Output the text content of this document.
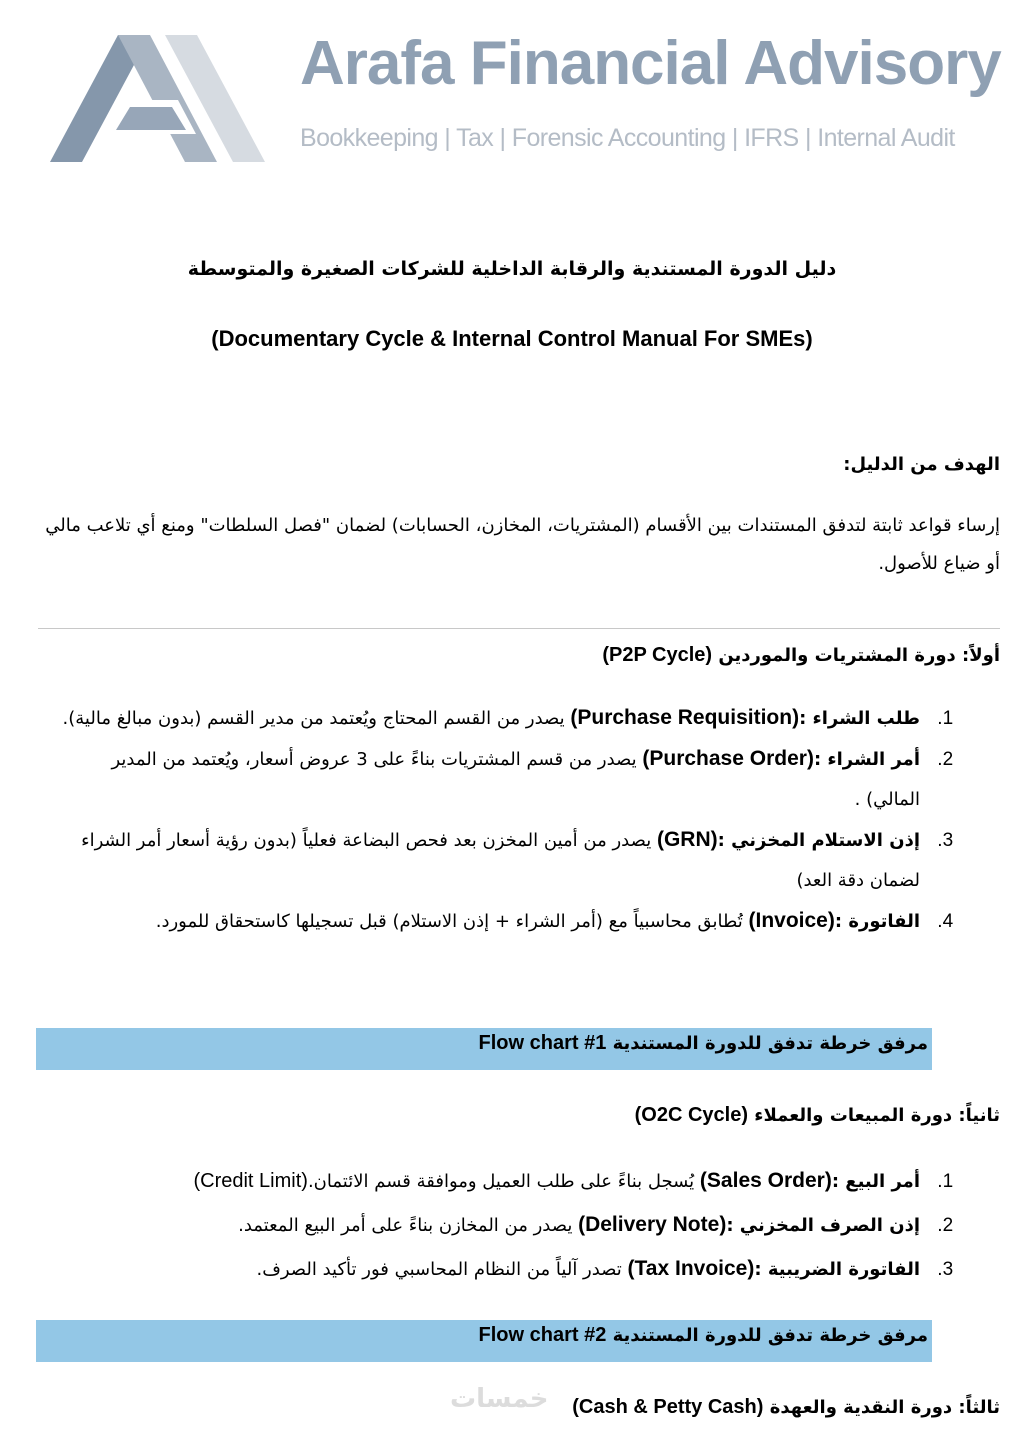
Arafa Financial Advisory
Bookkeeping | Tax | Forensic Accounting | IFRS | Internal Audit
دليل الدورة المستندية والرقابة الداخلية للشركات الصغيرة والمتوسطة
(Documentary Cycle & Internal Control Manual For SMEs)
الهدف من الدليل:
إرساء قواعد ثابتة لتدفق المستندات بين الأقسام (المشتريات، المخازن، الحسابات) لضمان "فصل السلطات" ومنع أي تلاعب مالي أو ضياع للأصول.
أولاً: دورة المشتريات والموردين (P2P Cycle)
1. طلب الشراء :(Purchase Requisition) يصدر من القسم المحتاج ويُعتمد من مدير القسم (بدون مبالغ مالية).
2. أمر الشراء :(Purchase Order) يصدر من قسم المشتريات بناءً على 3 عروض أسعار، ويُعتمد من المدير المالي) .
3. إذن الاستلام المخزني :(GRN) يصدر من أمين المخزن بعد فحص البضاعة فعلياً (بدون رؤية أسعار أمر الشراء لضمان دقة العد)
4. الفاتورة :(Invoice) تُطابق محاسبياً مع (أمر الشراء + إذن الاستلام) قبل تسجيلها كاستحقاق للمورد.
مرفق خرطة تدفق للدورة المستندية Flow chart #1
ثانياً: دورة المبيعات والعملاء (O2C Cycle)
1. أمر البيع :(Sales Order) يُسجل بناءً على طلب العميل وموافقة قسم الائتمان.(Credit Limit)
2. إذن الصرف المخزني :(Delivery Note) يصدر من المخازن بناءً على أمر البيع المعتمد.
3. الفاتورة الضريبية :(Tax Invoice) تصدر آلياً من النظام المحاسبي فور تأكيد الصرف.
مرفق خرطة تدفق للدورة المستندية Flow chart #2
ثالثاً: دورة النقدية والعهدة (Cash & Petty Cash)
خمسات
